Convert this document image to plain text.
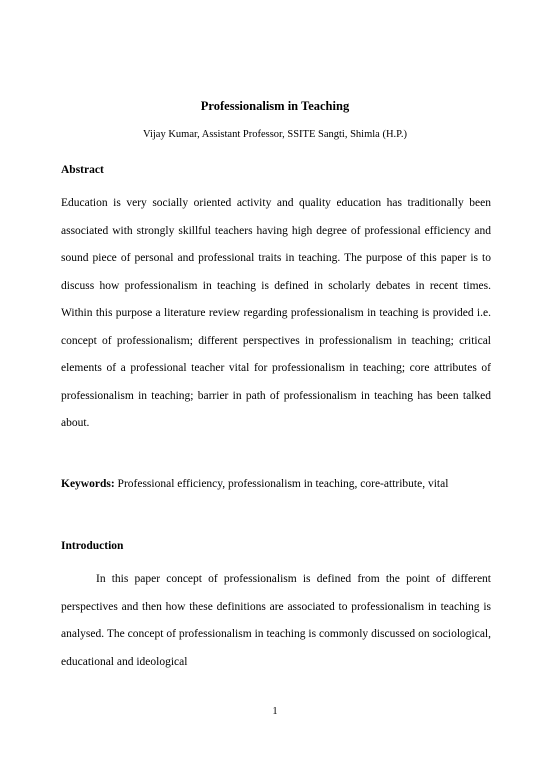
Professionalism in Teaching
Vijay Kumar, Assistant Professor, SSITE Sangti, Shimla (H.P.)
Abstract

Education is very socially oriented activity and quality education has traditionally been associated with strongly skillful teachers having high degree of professional efficiency and sound piece of personal and professional traits in teaching. The purpose of this paper is to discuss how professionalism in teaching is defined in scholarly debates in recent times. Within this purpose a literature review regarding professionalism in teaching is provided i.e. concept of professionalism; different perspectives in professionalism in teaching; critical elements of a professional teacher vital for professionalism in teaching; core attributes of professionalism in teaching; barrier in path of professionalism in teaching has been talked about.

Keywords: Professional efficiency, professionalism in teaching, core-attribute, vital

Introduction

In this paper concept of professionalism is defined from the point of different perspectives and then how these definitions are associated to professionalism in teaching is analysed. The concept of professionalism in teaching is commonly discussed on sociological, educational and ideological

1
